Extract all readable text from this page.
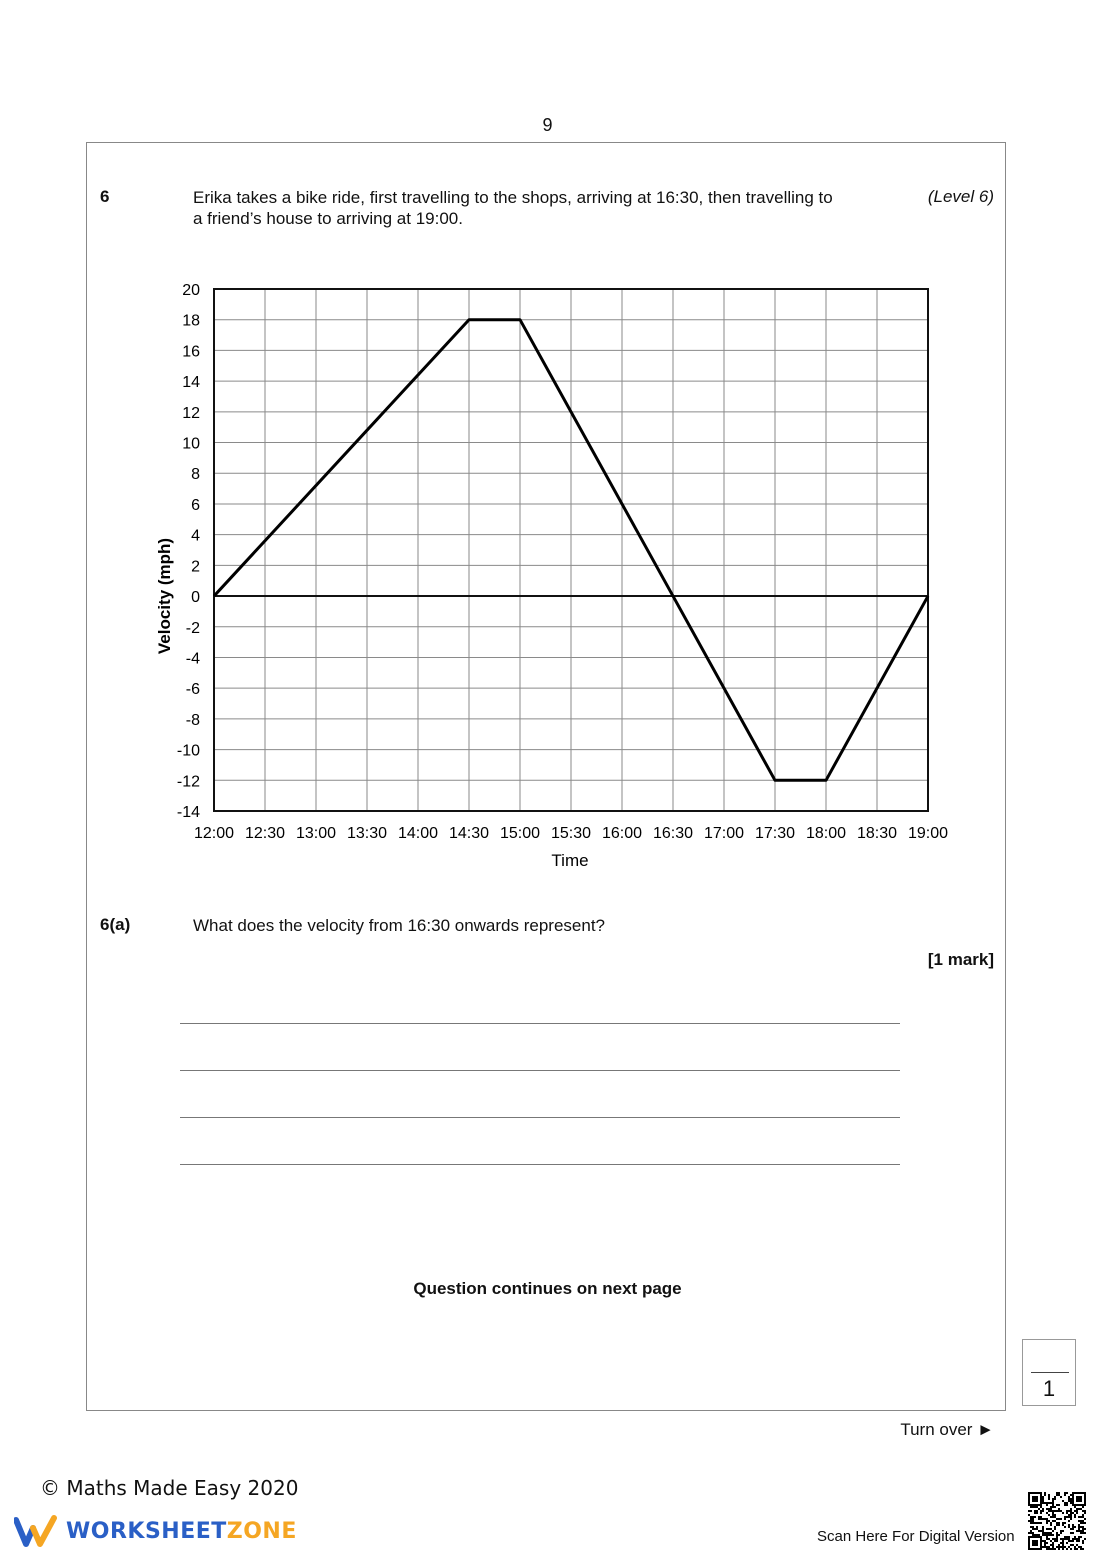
9
6	Erika takes a bike ride, first travelling to the shops, arriving at 16:30, then travelling to
a friend’s house to arriving at 19:00.
(Level 6)
20
18
16
14
12
10
8
6
4
2
0
-2
-4
-6
-8
-10
-12
-14
12:00 12:30 13:00 13:30 14:00 14:30 15:00 15:30 16:00 16:30 17:00 17:30 18:00 18:30 19:00
Time
Velocity (mph)
6(a)	What does the velocity from 16:30 onwards represent?
[1 mark]
Question continues on next page
1
Turn over ►
© Maths Made Easy 2020
WORKSHEETZONE	Scan Here For Digital Version
